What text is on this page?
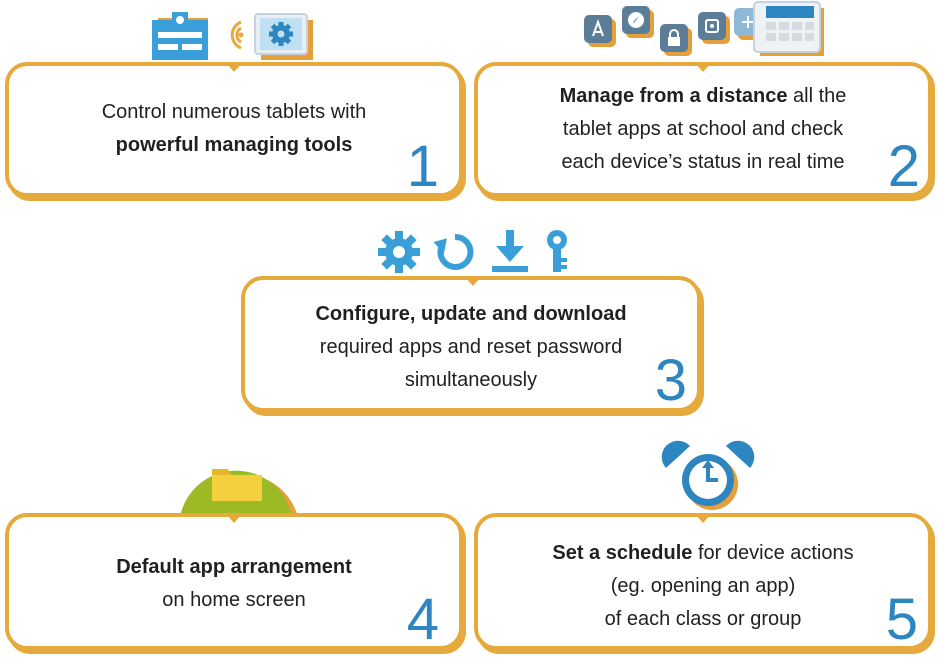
Control numerous tablets with
powerful managing tools 1
Manage from a distance all the
tablet apps at school and check
each device’s status in real time 2
Configure, update and download
required apps and reset password
simultaneously	3
Default app arrangement
on home screen	4
Set a schedule for device actions
(eg. opening an app)
of each class or group	5
